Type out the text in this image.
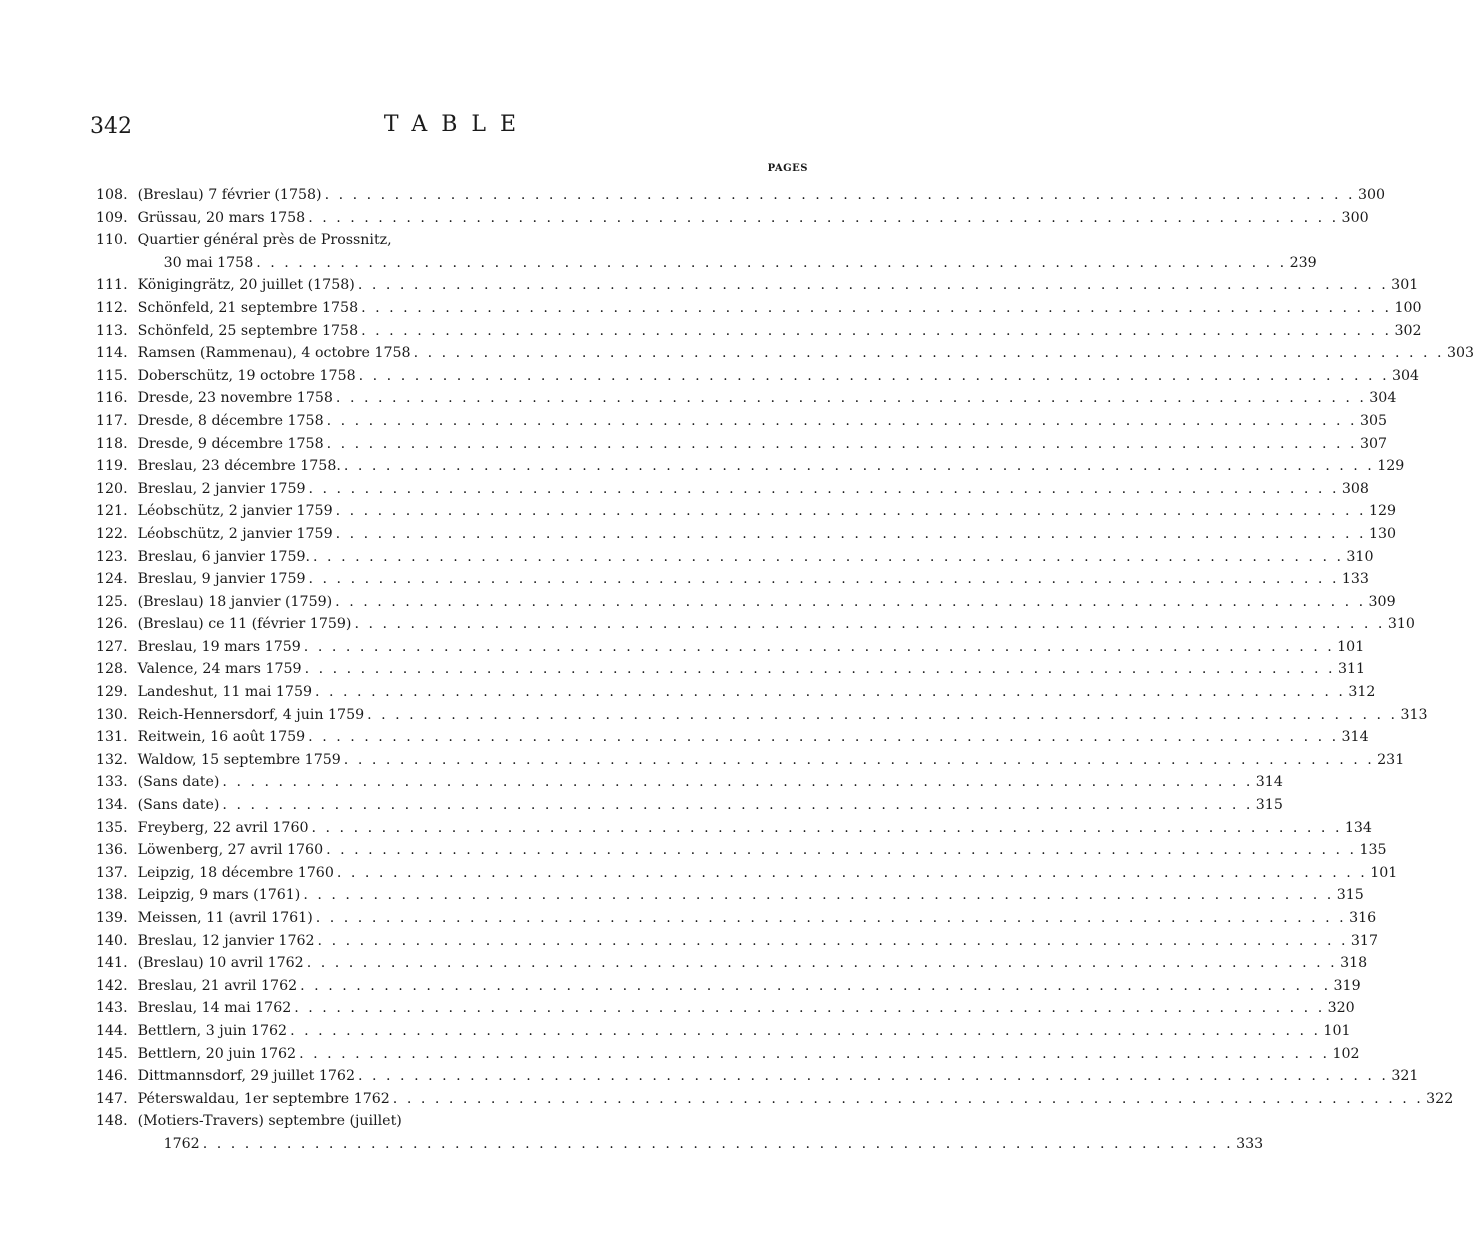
342	TABLE
PAGES
108. (Breslau) 7 février (1758) . . .	300
109. Grüssau, 20 mars 1758 . . .	300
110. Quartier général près de Prossnitz,
30 mai 1758 . . .	239
111. Königingrätz, 20 juillet (1758) . . .	301
112. Schönfeld, 21 septembre 1758 . . .	100
113. Schönfeld, 25 septembre 1758 . . .	302
114. Ramsen (Rammenau), 4 octobre 1758 . . .	303
115. Doberschütz, 19 octobre 1758 . . .	304
116. Dresde, 23 novembre 1758 . . .	304
117. Dresde, 8 décembre 1758 . . .	305
118. Dresde, 9 décembre 1758 . . .	307
119. Breslau, 23 décembre 1758. . . .	129
120. Breslau, 2 janvier 1759 . . .	308
121. Léobschütz, 2 janvier 1759 . . .	129
122. Léobschütz, 2 janvier 1759 . . .	130
123. Breslau, 6 janvier 1759. . . .	310
124. Breslau, 9 janvier 1759 . . .	133
125. (Breslau) 18 janvier (1759) . . .	309
126. (Breslau) ce 11 (février 1759) . . .	310
127. Breslau, 19 mars 1759 . . .	101
128. Valence, 24 mars 1759 . . .	311
129. Landeshut, 11 mai 1759 . . .	312
130. Reich-Hennersdorf, 4 juin 1759 . . .	313
131. Reitwein, 16 août 1759 . . .	314
132. Waldow, 15 septembre 1759 . . .	231
133. (Sans date) . . .	314
134. (Sans date) . . .	315
135. Freyberg, 22 avril 1760 . . .	134
136. Löwenberg, 27 avril 1760 . . .	135
137. Leipzig, 18 décembre 1760 . . .	101
138. Leipzig, 9 mars (1761) . . .	315
139. Meissen, 11 (avril 1761) . . .	316
140. Breslau, 12 janvier 1762 . . .	317
141. (Breslau) 10 avril 1762 . . .	318
142. Breslau, 21 avril 1762 . . .	319
143. Breslau, 14 mai 1762 . . .	320
144. Bettlern, 3 juin 1762 . . .	101
145. Bettlern, 20 juin 1762 . . .	102
146. Dittmannsdorf, 29 juillet 1762 . . .	321
147. Péterswaldau, 1er septembre 1762 . . .	322
148. (Motiers-Travers) septembre (juillet)
1762 . . .	333
